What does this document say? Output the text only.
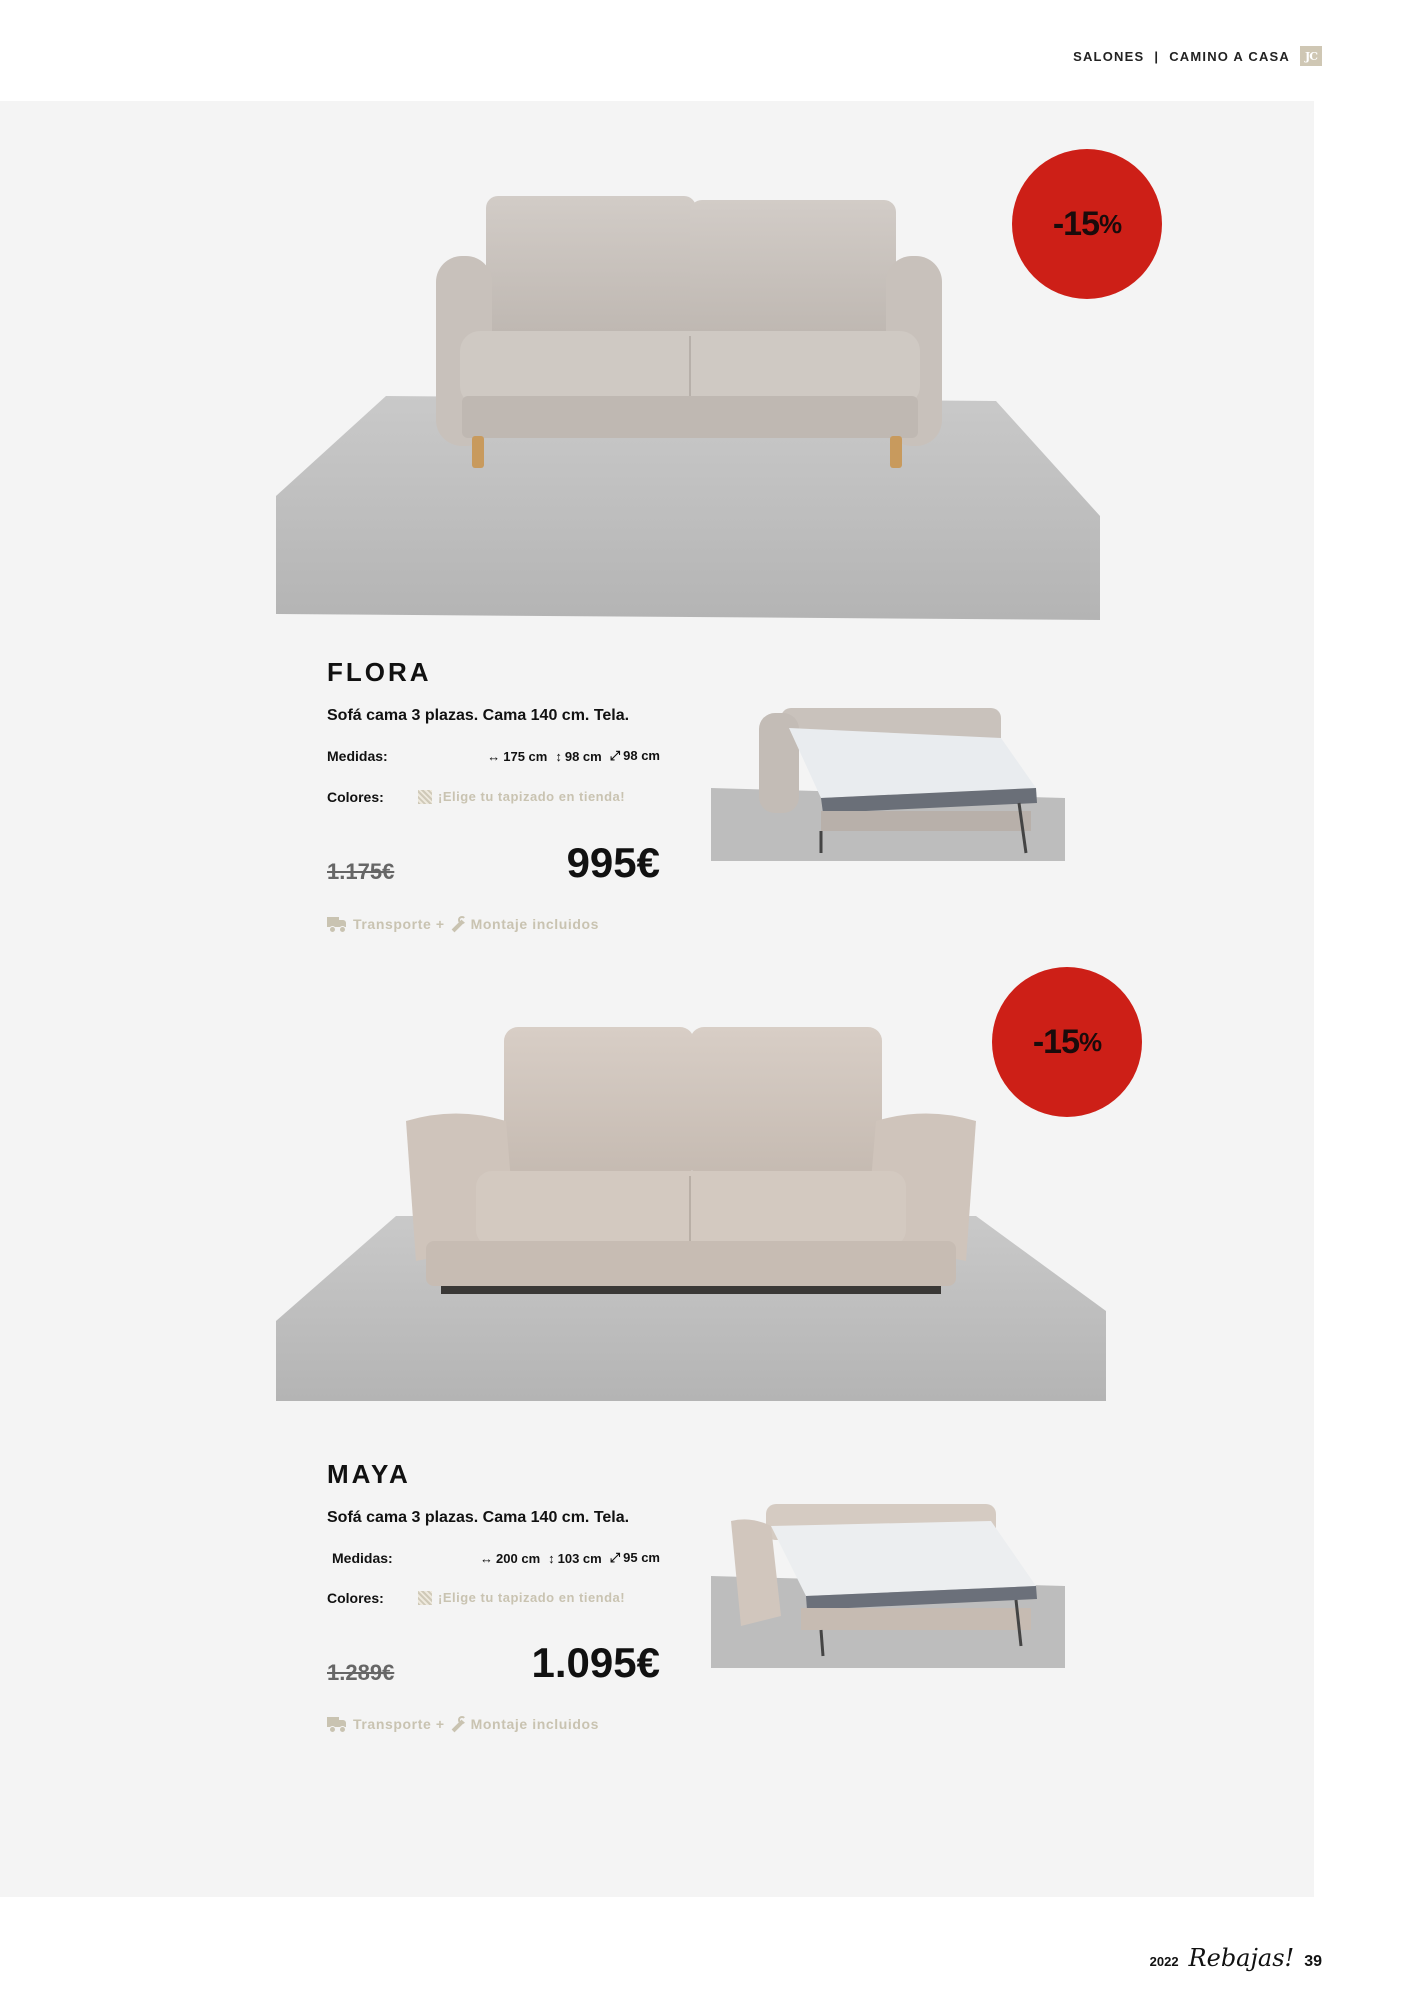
SALONES | CAMINO A CASA	JC
-15 %
FLORA
Sofá cama 3 plazas. Cama 140 cm. Tela.
Medidas:	↔ 175 cm ↕ 98 cm ⤢ 98 cm
Colores:	¡Elige tu tapizado en tienda!
1.175€	995€
Transporte + Montaje incluidos
-15 %
MAYA
Sofá cama 3 plazas. Cama 140 cm. Tela.
Medidas:	↔ 200 cm ↕ 103 cm ⤢ 95 cm
Colores:	¡Elige tu tapizado en tienda!
1.289€	1.095€
Transporte + Montaje incluidos
2022 Rebajas! 39
